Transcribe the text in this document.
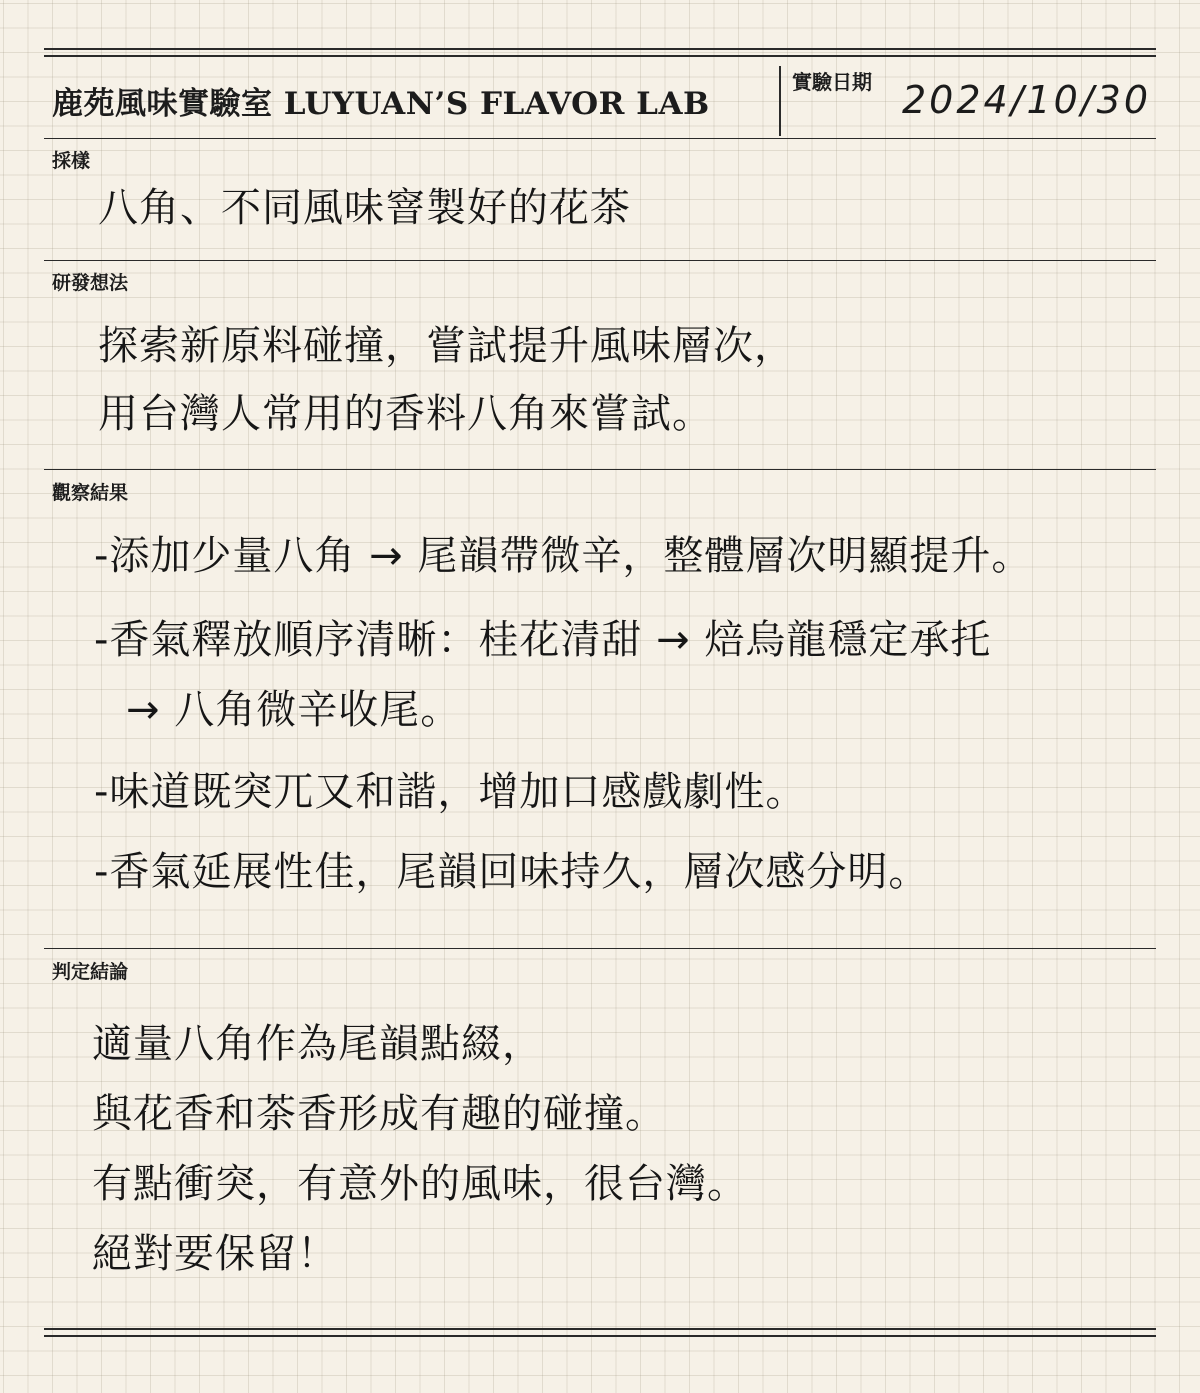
鹿苑風味實驗室 LUYUAN’S FLAVOR LAB
實驗日期 2024/10/30
採樣
八角、不同風味窨製好的花茶
研發想法
探索新原料碰撞，嘗試提升風味層次，
用台灣人常用的香料八角來嘗試。
觀察結果
-添加少量八角 → 尾韻帶微辛，整體層次明顯提升。
-香氣釋放順序清晰：桂花清甜 → 焙烏龍穩定承托
→ 八角微辛收尾。
-味道既突兀又和諧，增加口感戲劇性。
-香氣延展性佳，尾韻回味持久，層次感分明。
判定結論
適量八角作為尾韻點綴，
與花香和茶香形成有趣的碰撞。
有點衝突，有意外的風味，很台灣。
絕對要保留！
